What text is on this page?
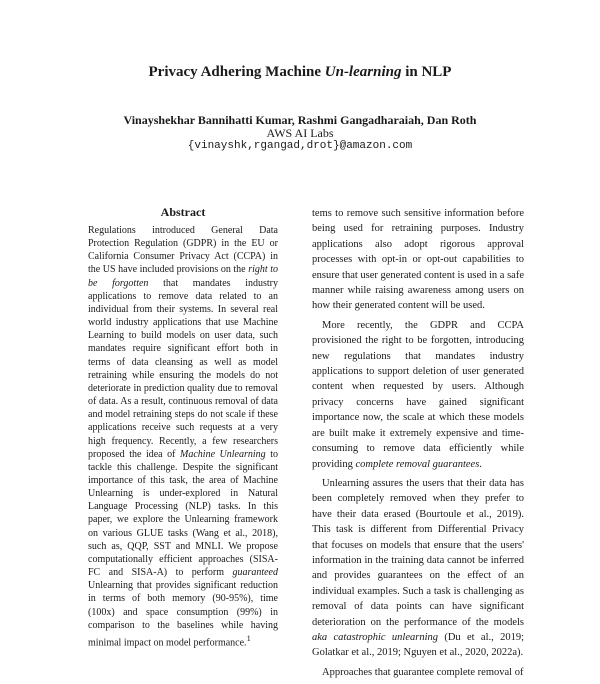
Privacy Adhering Machine Un-learning in NLP
Vinayshekhar Bannihatti Kumar, Rashmi Gangadharaiah, Dan Roth
AWS AI Labs
{vinayshk,rgangad,drot}@amazon.com
Abstract
Regulations introduced General Data Protection Regulation (GDPR) in the EU or California Consumer Privacy Act (CCPA) in the US have included provisions on the right to be forgotten that mandates industry applications to remove data related to an individual from their systems. In several real world industry applications that use Machine Learning to build models on user data, such mandates require significant effort both in terms of data cleansing as well as model retraining while ensuring the models do not deteriorate in prediction quality due to removal of data. As a result, continuous removal of data and model retraining steps do not scale if these applications receive such requests at a very high frequency. Recently, a few researchers proposed the idea of Machine Unlearning to tackle this challenge. Despite the significant importance of this task, the area of Machine Unlearning is under-explored in Natural Language Processing (NLP) tasks. In this paper, we explore the Unlearning framework on various GLUE tasks (Wang et al., 2018), such as, QQP, SST and MNLI. We propose computationally efficient approaches (SISA-FC and SISA-A) to perform guaranteed Unlearning that provides significant reduction in terms of both memory (90-95%), time (100x) and space consumption (99%) in comparison to the baselines while having minimal impact on model performance.$^1$

tems to remove such sensitive information before being used for retraining purposes. Industry applications also adopt rigorous approval processes with opt-in or opt-out capabilities to ensure that user generated content is used in a safe manner while raising awareness among users on how their generated content will be used.

More recently, the GDPR and CCPA provisioned the right to be forgotten, introducing new regulations that mandates industry applications to support deletion of user generated content when requested by users. Although privacy concerns have gained significant importance now, the scale at which these models are built make it extremely expensive and time-consuming to remove data efficiently while providing complete removal guarantees.

Unlearning assures the users that their data has been completely removed when they prefer to have their data erased (Bourtoule et al., 2019). This task is different from Differential Privacy that focuses on models that ensure that the users' information in the training data cannot be inferred and provides guarantees on the effect of an individual examples. Such a task is challenging as removal of data points can have significant deterioration on the performance of the models aka catastrophic unlearning (Du et al., 2019; Golatkar et al., 2019; Nguyen et al., 2020, 2022a).

Approaches that guarantee complete removal of
